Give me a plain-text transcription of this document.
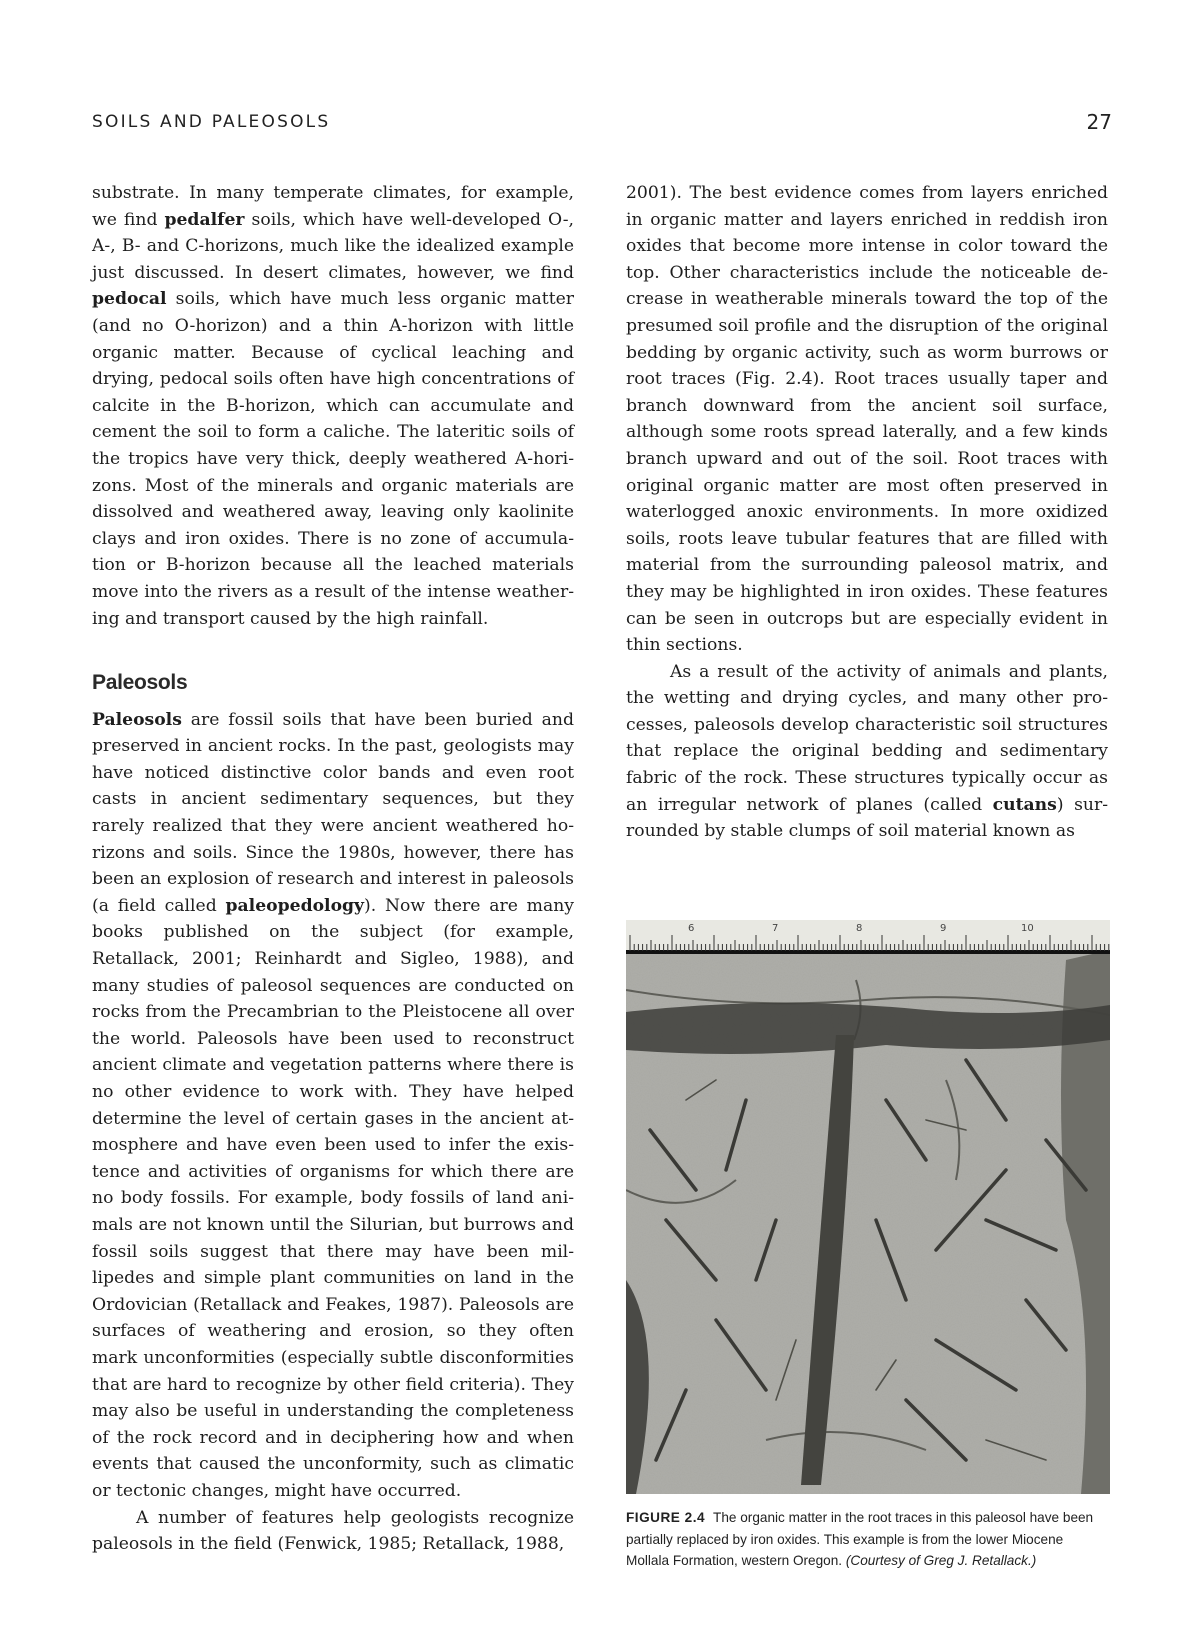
SOILS AND PALEOSOLS	27

substrate. In many temperate climates, for example, we find pedalfer soils, which have well-developed O-, A-, B- and C-horizons, much like the idealized example just discussed. In desert climates, however, we find pedocal soils, which have much less organic matter (and no O-horizon) and a thin A-horizon with little organic matter. Because of cyclical leaching and drying, pedocal soils often have high concentrations of calcite in the B-horizon, which can accumulate and cement the soil to form a caliche. The lateritic soils of the tropics have very thick, deeply weathered A-horizons. Most of the minerals and organic materials are dissolved and weathered away, leaving only kaolinite clays and iron oxides. There is no zone of accumulation or B-horizon because all the leached materials move into the rivers as a result of the intense weathering and transport caused by the high rainfall.

Paleosols

Paleosols are fossil soils that have been buried and preserved in ancient rocks. In the past, geologists may have noticed distinctive color bands and even root casts in ancient sedimentary sequences, but they rarely realized that they were ancient weathered horizons and soils. Since the 1980s, however, there has been an explosion of research and interest in paleosols (a field called paleopedology). Now there are many books published on the subject (for example, Retallack, 2001; Reinhardt and Sigleo, 1988), and many studies of paleosol sequences are conducted on rocks from the Precambrian to the Pleistocene all over the world. Paleosols have been used to reconstruct ancient climate and vegetation patterns where there is no other evidence to work with. They have helped determine the level of certain gases in the ancient atmosphere and have even been used to infer the existence and activities of organisms for which there are no body fossils. For example, body fossils of land animals are not known until the Silurian, but burrows and fossil soils suggest that there may have been millipedes and simple plant communities on land in the Ordovician (Retallack and Feakes, 1987). Paleosols are surfaces of weathering and erosion, so they often mark unconformities (especially subtle disconformities that are hard to recognize by other field criteria). They may also be useful in understanding the completeness of the rock record and in deciphering how and when events that caused the unconformity, such as climatic or tectonic changes, might have occurred.

A number of features help geologists recognize paleosols in the field (Fenwick, 1985; Retallack, 1988,

2001). The best evidence comes from layers enriched in organic matter and layers enriched in reddish iron oxides that become more intense in color toward the top. Other characteristics include the noticeable decrease in weatherable minerals toward the top of the presumed soil profile and the disruption of the original bedding by organic activity, such as worm burrows or root traces (Fig. 2.4). Root traces usually taper and branch downward from the ancient soil surface, although some roots spread laterally, and a few kinds branch upward and out of the soil. Root traces with original organic matter are most often preserved in waterlogged anoxic environments. In more oxidized soils, roots leave tubular features that are filled with material from the surrounding paleosol matrix, and they may be highlighted in iron oxides. These features can be seen in outcrops but are especially evident in thin sections.

As a result of the activity of animals and plants, the wetting and drying cycles, and many other processes, paleosols develop characteristic soil structures that replace the original bedding and sedimentary fabric of the rock. These structures typically occur as an irregular network of planes (called cutans) surrounded by stable clumps of soil material known as

6	7	8	9	10
FIGURE 2.4 The organic matter in the root traces in this paleosol have been partially replaced by iron oxides. This example is from the lower Miocene Mollala Formation, western Oregon. (Courtesy of Greg J. Retallack.)
